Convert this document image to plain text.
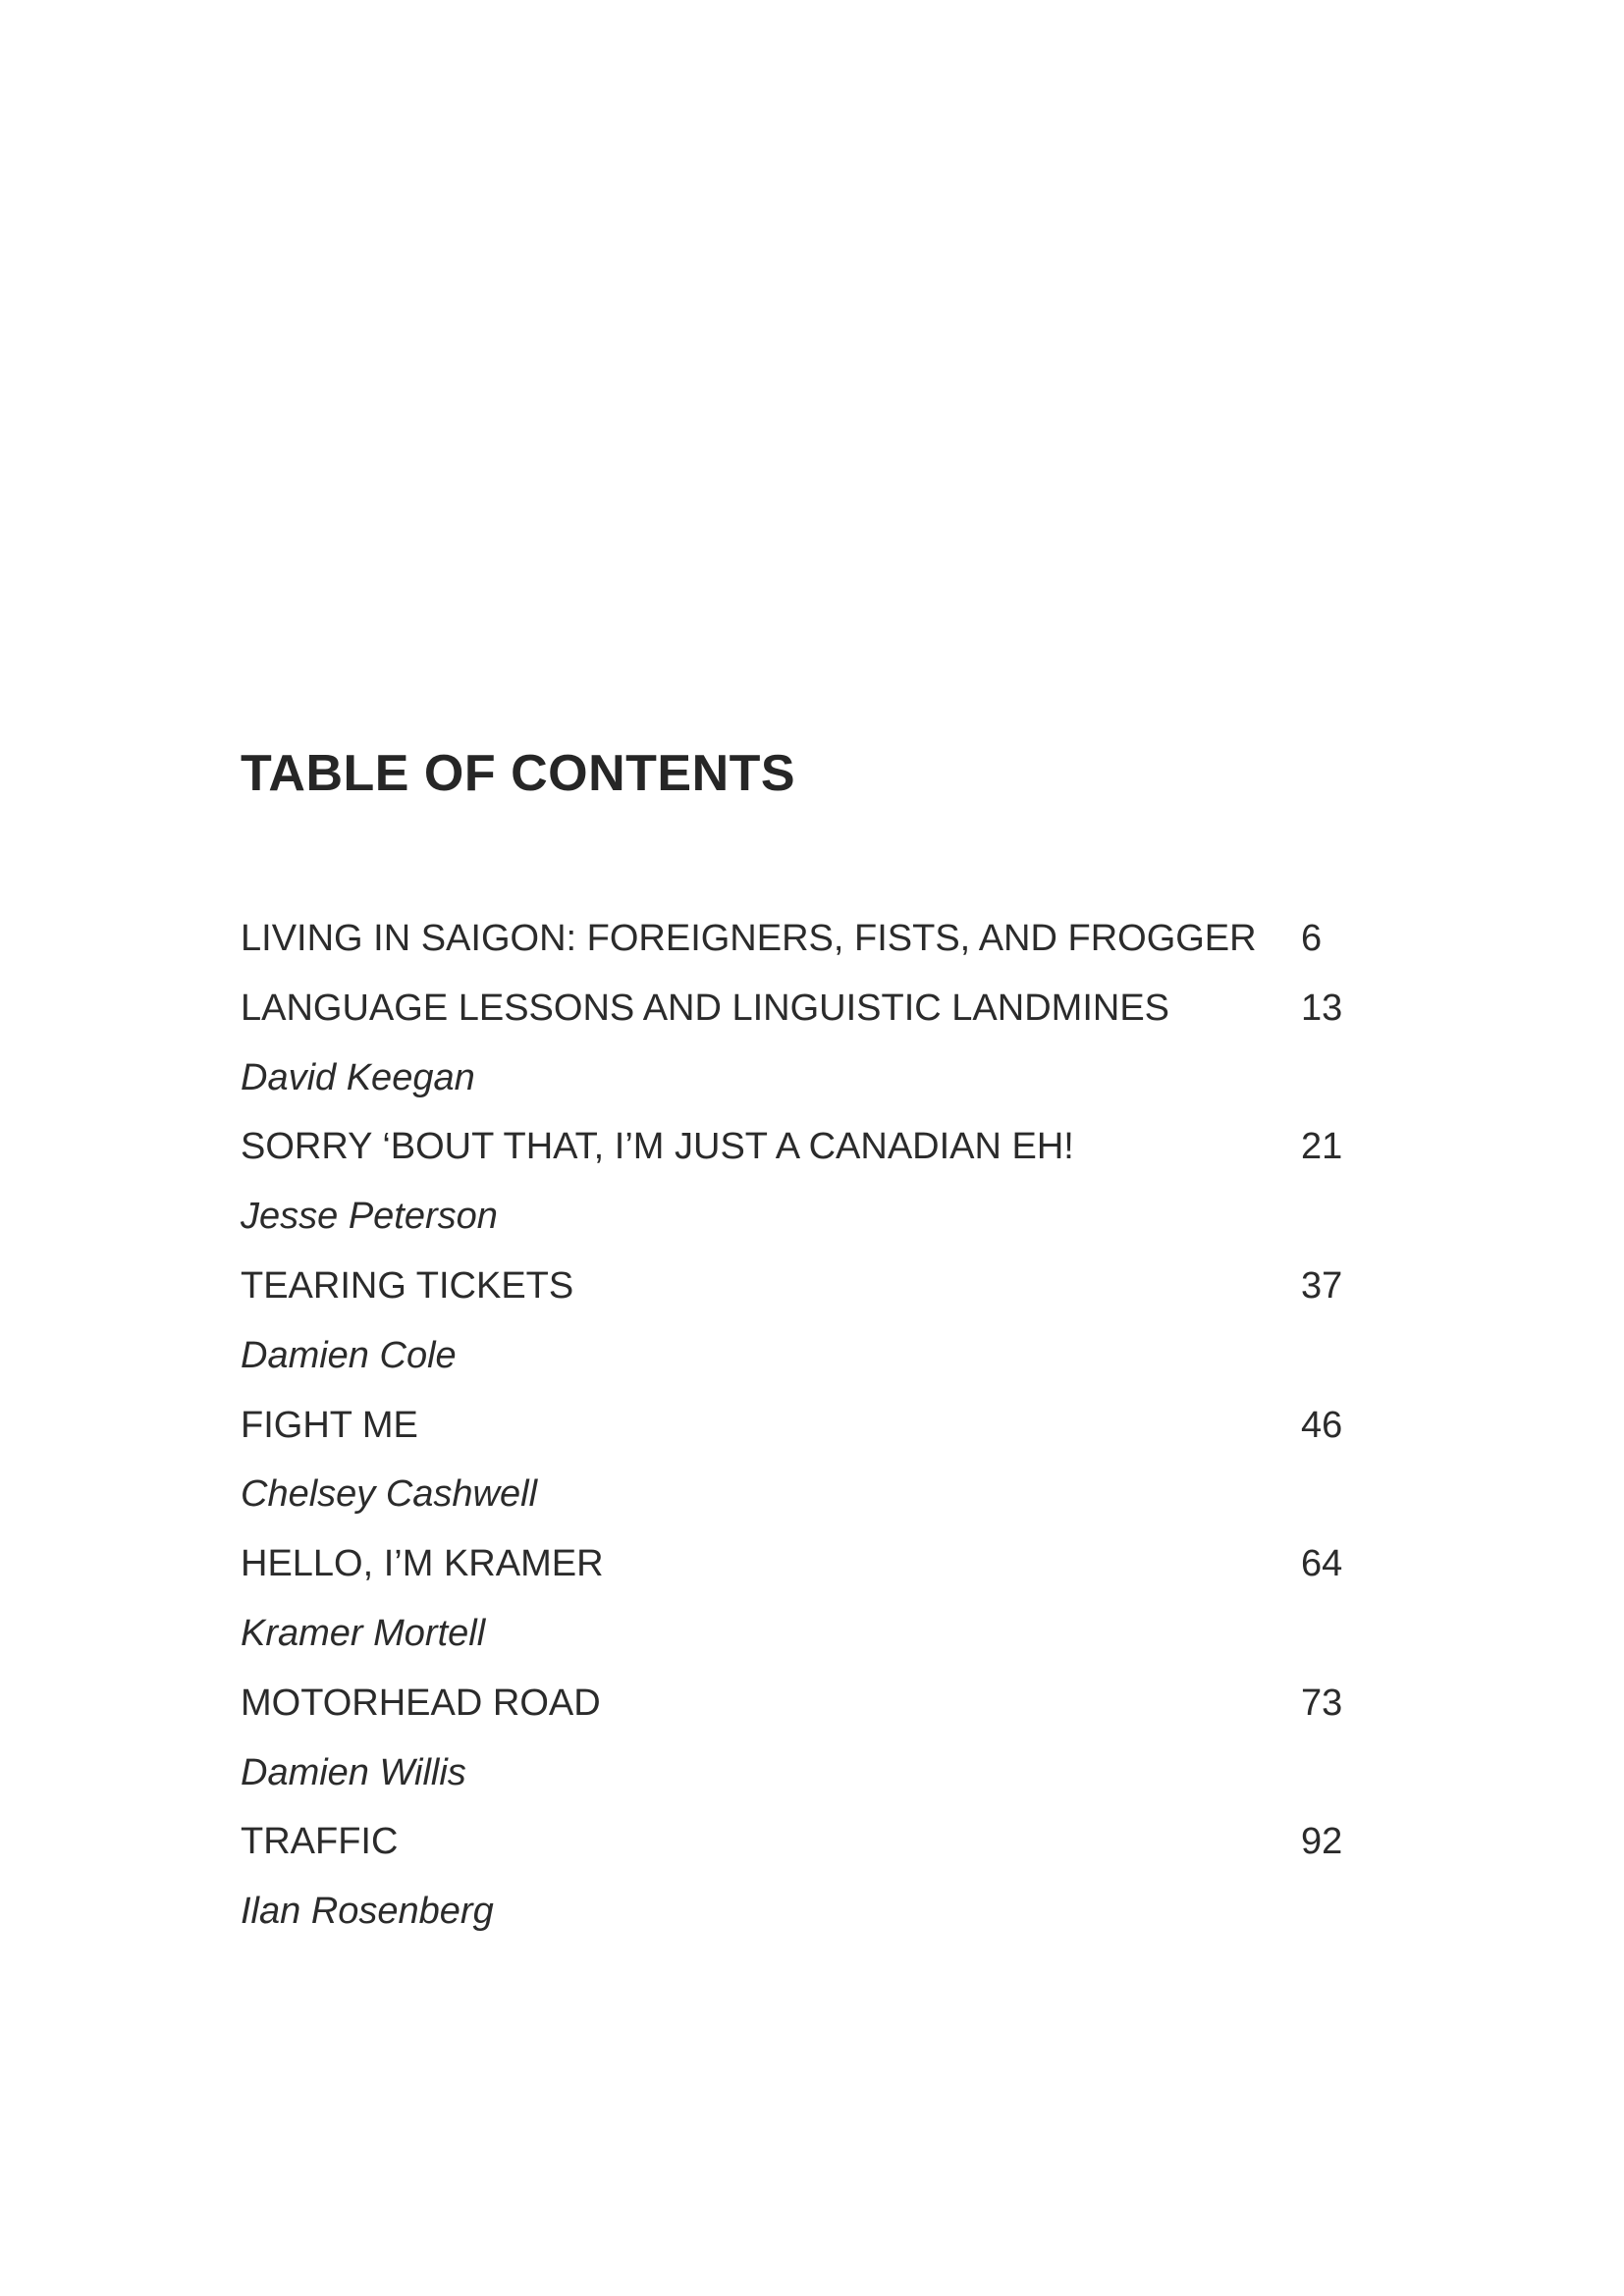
TABLE OF CONTENTS
LIVING IN SAIGON: FOREIGNERS, FISTS, AND FROGGER 6
LANGUAGE LESSONS AND LINGUISTIC LANDMINES	13
David Keegan
SORRY ‘BOUT THAT, I’M JUST A CANADIAN EH!	21
Jesse Peterson
TEARING TICKETS	37
Damien Cole
FIGHT ME	46
Chelsey Cashwell
HELLO, I’M KRAMER	64
Kramer Mortell
MOTORHEAD ROAD	73
Damien Willis
TRAFFIC	92
Ilan Rosenberg
